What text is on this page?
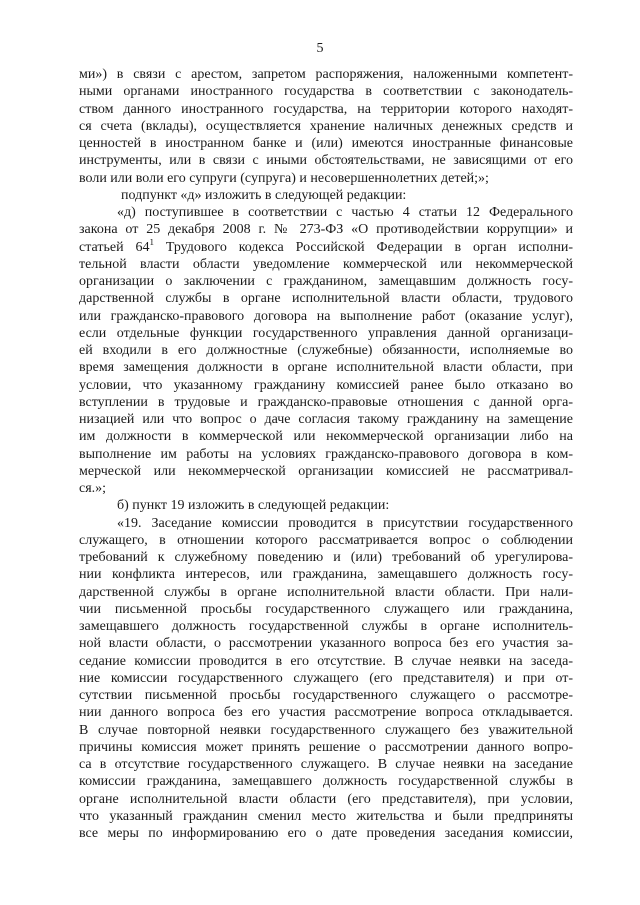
5
ми») в связи с арестом, запретом распоряжения, наложенными компетент-
ными органами иностранного государства в соответствии с законодатель-
ством данного иностранного государства, на территории которого находят-
ся счета (вклады), осуществляется хранение наличных денежных средств и
ценностей в иностранном банке и (или) имеются иностранные финансовые
инструменты, или в связи с иными обстоятельствами, не зависящими от его
воли или воли его супруги (супруга) и несовершеннолетних детей;»;
подпункт «д» изложить в следующей редакции:
«д) поступившее в соответствии с частью 4 статьи 12 Федерального
закона от 25 декабря 2008 г. № 273-ФЗ «О противодействии коррупции» и
статьей $64^1$ Трудового кодекса Российской Федерации в орган исполни-
тельной власти области уведомление коммерческой или некоммерческой
организации о заключении с гражданином, замещавшим должность госу-
дарственной службы в органе исполнительной власти области, трудового
или гражданско-правового договора на выполнение работ (оказание услуг),
если отдельные функции государственного управления данной организаци-
ей входили в его должностные (служебные) обязанности, исполняемые во
время замещения должности в органе исполнительной власти области, при
условии, что указанному гражданину комиссией ранее было отказано во
вступлении в трудовые и гражданско-правовые отношения с данной орга-
низацией или что вопрос о даче согласия такому гражданину на замещение
им должности в коммерческой или некоммерческой организации либо на
выполнение им работы на условиях гражданско-правового договора в ком-
мерческой или некоммерческой организации комиссией не рассматривал-
ся.»;
б) пункт 19 изложить в следующей редакции:
«19. Заседание комиссии проводится в присутствии государственного
служащего, в отношении которого рассматривается вопрос о соблюдении
требований к служебному поведению и (или) требований об урегулирова-
нии конфликта интересов, или гражданина, замещавшего должность госу-
дарственной службы в органе исполнительной власти области. При нали-
чии письменной просьбы государственного служащего или гражданина,
замещавшего должность государственной службы в органе исполнитель-
ной власти области, о рассмотрении указанного вопроса без его участия за-
седание комиссии проводится в его отсутствие. В случае неявки на заседа-
ние комиссии государственного служащего (его представителя) и при от-
сутствии письменной просьбы государственного служащего о рассмотре-
нии данного вопроса без его участия рассмотрение вопроса откладывается.
В случае повторной неявки государственного служащего без уважительной
причины комиссия может принять решение о рассмотрении данного вопро-
са в отсутствие государственного служащего. В случае неявки на заседание
комиссии гражданина, замещавшего должность государственной службы в
органе исполнительной власти области (его представителя), при условии,
что указанный гражданин сменил место жительства и были предприняты
все меры по информированию его о дате проведения заседания комиссии,
